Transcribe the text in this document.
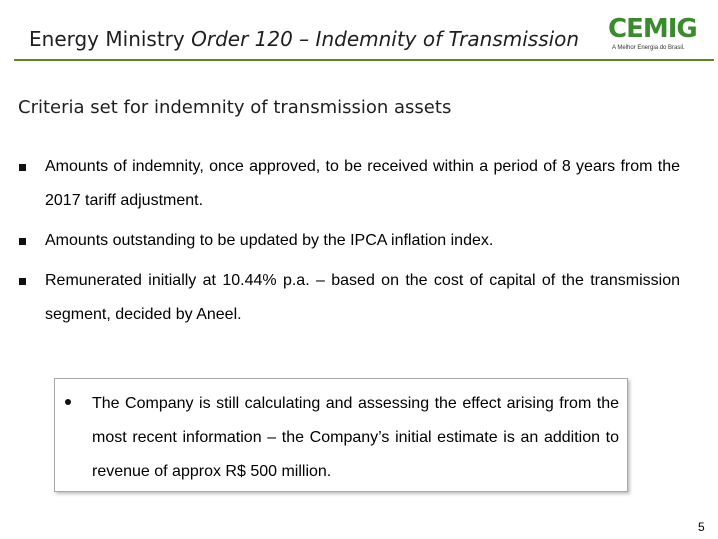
Energy Ministry Order 120 – Indemnity of Transmission CEMIG
A Melhor Energia do Brasil.
Criteria set for indemnity of transmission assets
Amounts of indemnity, once approved, to be received within a period of 8 years from the 2017 tariff adjustment.
Amounts outstanding to be updated by the IPCA inflation index.
Remunerated initially at 10.44% p.a. – based on the cost of capital of the transmission segment, decided by Aneel.
The Company is still calculating and assessing the effect arising from the most recent information – the Company’s initial estimate is an addition to revenue of approx R$ 500 million.
5
